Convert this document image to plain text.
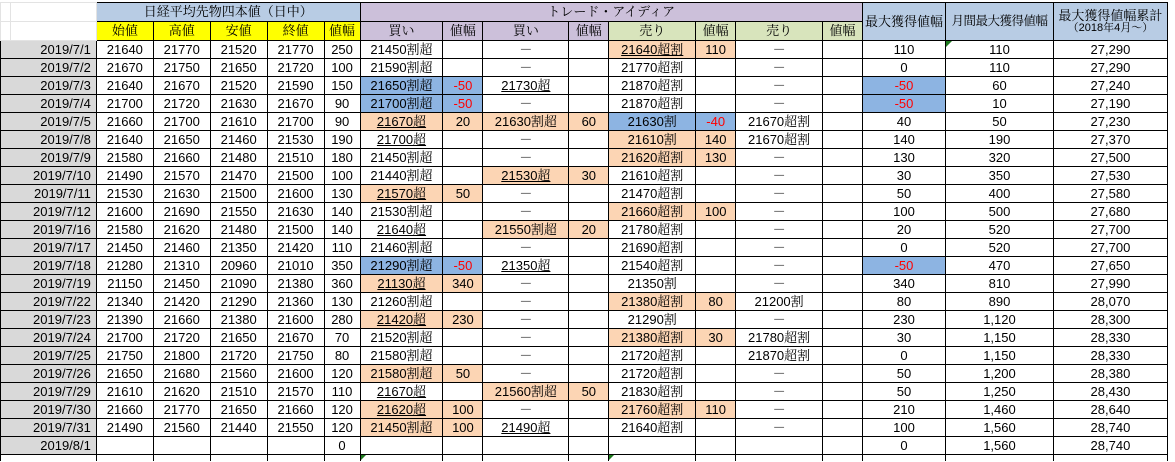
		日経平均先物四本値（日中）					トレード・アイディア								最大獲得値幅	月間最大獲得値幅	最大獲得値幅累計
（2018年4月～）	

		始値	高値	安値	終値	値幅	買い	値幅	買い	値幅	売り	値幅	売り	値幅				
2019/7/1		21640	21770	21520	21770	250	21450割超		－		21640超割	110	－		110	110	27,290	
2019/7/2		21670	21750	21650	21720	100	21590割超		－		21770超割		－		0	110	27,290	
2019/7/3		21640	21670	21520	21590	150	21650割超	-50	21730超		21870超割		－		-50	60	27,240	
2019/7/4		21700	21720	21630	21670	90	21700割超	-50	－		21870超割		－		-50	10	27,190	
2019/7/5		21660	21700	21610	21700	90	21670超	20	21630割超	60	21630割	-40	21670超割		40	50	27,230	
2019/7/8		21640	21650	21460	21530	190	21700超		－		21610割	140	21670超割		140	190	27,370	
2019/7/9		21580	21660	21480	21510	180	21450割超		－		21620超割	130	－		130	320	27,500	
2019/7/10		21490	21570	21470	21500	100	21440割超		21530超	30	21610超割		－		30	350	27,530	
2019/7/11		21530	21630	21500	21600	130	21570超	50	－		21470超割		－		50	400	27,580	
2019/7/12		21600	21690	21550	21630	140	21530割超		－		21660超割	100	－		100	500	27,680	
2019/7/16		21580	21620	21480	21500	140	21640超		21550割超	20	21780超割		－		20	520	27,700	
2019/7/17		21450	21460	21350	21420	110	21460割超		－		21690超割		－		0	520	27,700	
2019/7/18		21280	21310	20960	21010	350	21290割超	-50	21350超		21540超割		－		-50	470	27,650	
2019/7/19		21150	21450	21090	21380	360	21130超	340	－		21350割		－		340	810	27,990	
2019/7/22		21340	21420	21290	21360	130	21260割超		－		21380超割	80	21200割		80	890	28,070	
2019/7/23		21390	21660	21380	21600	280	21420超	230	－		21290割		－		230	1,120	28,300	
2019/7/24		21700	21720	21650	21670	70	21520割超		－		21380超割	30	21780超割		30	1,150	28,330	
2019/7/25		21750	21800	21720	21750	80	21580割超		－		21720超割		21870超割		0	1,150	28,330	
2019/7/26		21650	21680	21560	21600	120	21580割超	50	－		21720超割		－		50	1,200	28,380	
2019/7/29		21610	21620	21510	21570	110	21670超		21560割超	50	21830超割		－		50	1,250	28,430	
2019/7/30		21660	21770	21650	21660	120	21620超	100	－		21760超割	110	－		210	1,460	28,640	
2019/7/31		21490	21560	21440	21550	120	21450割超	100	21490超		21640超割		－		100	1,560	28,740	
2019/8/1						0									0	1,560	28,740	
